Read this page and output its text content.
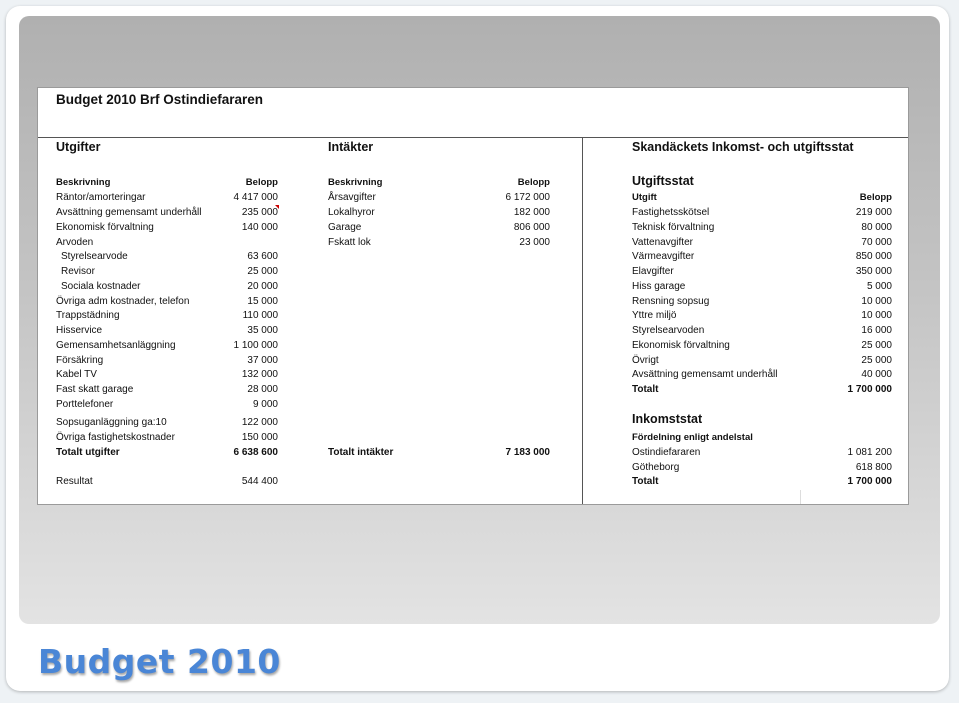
Budget 2010 Brf Ostindiefararen
Utgifter
Beskrivning	Belopp
Räntor/amorteringar	4 417 000
Avsättning gemensamt underhåll	235 000
Ekonomisk förvaltning	140 000
Arvoden
Styrelsearvode	63 600
Revisor	25 000
Sociala kostnader	20 000
Övriga adm kostnader, telefon	15 000
Trappstädning	110 000
Hisservice	35 000
Gemensamhetsanläggning	1 100 000
Försäkring	37 000
Kabel TV	132 000
Fast skatt garage	28 000
Porttelefoner	9 000
Sopsuganläggning ga:10	122 000
Övriga fastighetskostnader	150 000
Totalt utgifter	6 638 600
Resultat	544 400
Intäkter
Beskrivning	Belopp
Årsavgifter	6 172 000
Lokalhyror	182 000
Garage	806 000
Fskatt lok	23 000
Totalt intäkter	7 183 000
Skandäckets Inkomst- och utgiftsstat
Utgiftsstat
Utgift	Belopp
Fastighetsskötsel	219 000
Teknisk förvaltning	80 000
Vattenavgifter	70 000
Värmeavgifter	850 000
Elavgifter	350 000
Hiss garage	5 000
Rensning sopsug	10 000
Yttre miljö	10 000
Styrelsearvoden	16 000
Ekonomisk förvaltning	25 000
Övrigt	25 000
Avsättning gemensamt underhåll	40 000
Totalt	1 700 000
Inkomststat
Fördelning enligt andelstal
Ostindiefararen	1 081 200
Götheborg	618 800
Totalt	1 700 000
Budget 2010
